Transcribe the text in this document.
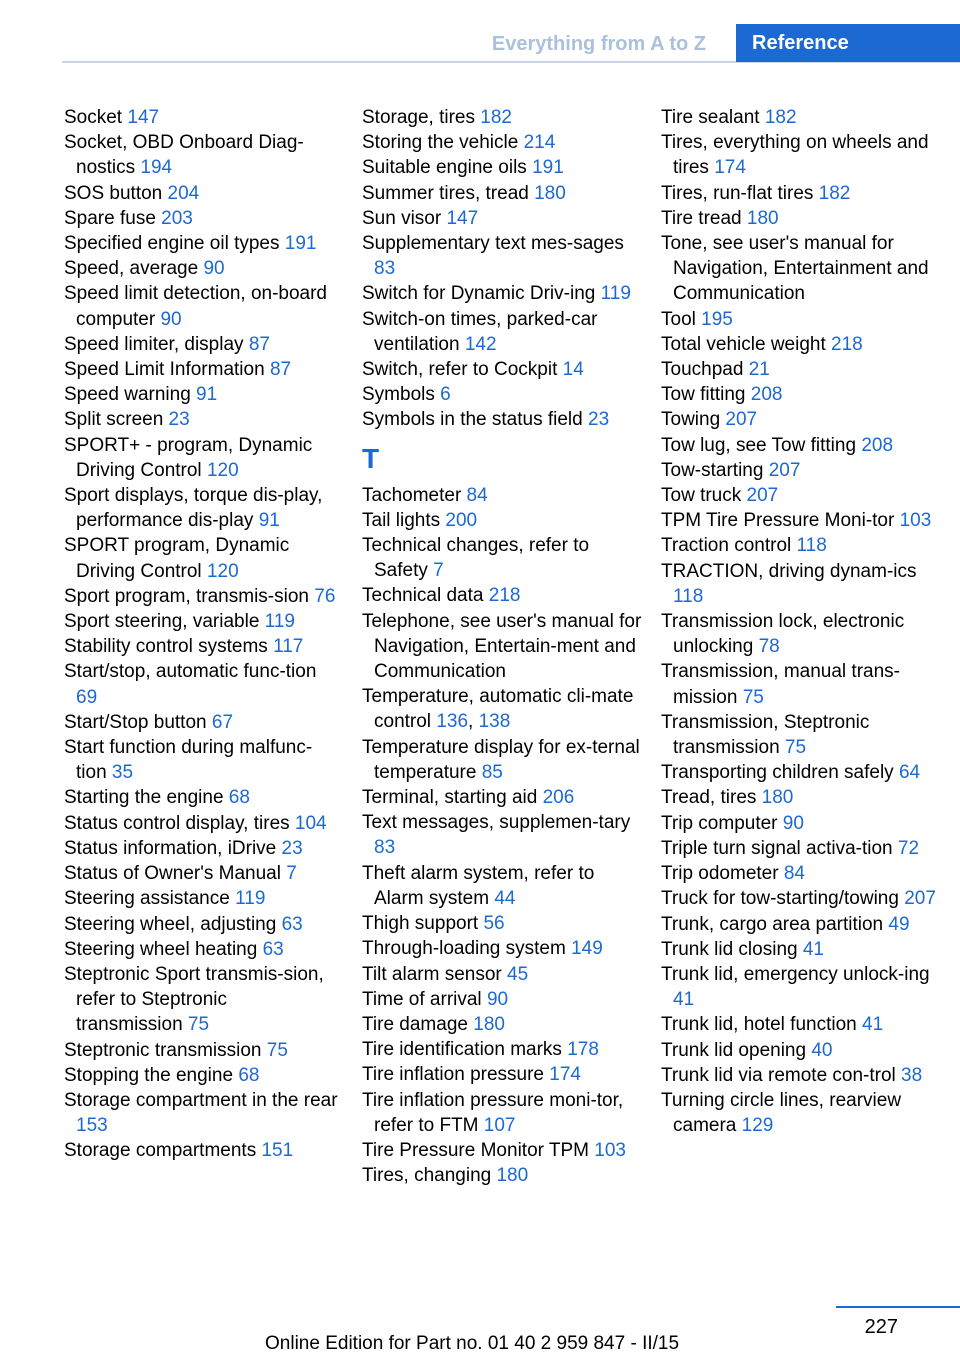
Everything from A to Z	Reference
Socket 147
Socket, OBD Onboard Diag‐nostics 194
SOS button 204
Spare fuse 203
Specified engine oil types 191
Speed, average 90
Speed limit detection, on‐board computer 90
Speed limiter, display 87
Speed Limit Information 87
Speed warning 91
Split screen 23
SPORT+ - program, Dynamic Driving Control 120
Sport displays, torque dis‐play, performance dis‐play 91
SPORT program, Dynamic Driving Control 120
Sport program, transmis‐sion 76
Sport steering, variable 119
Stability control systems 117
Start/stop, automatic func‐tion 69
Start/Stop button 67
Start function during malfunc‐tion 35
Starting the engine 68
Status control display, tires 104
Status information, iDrive 23
Status of Owner's Manual 7
Steering assistance 119
Steering wheel, adjusting 63
Steering wheel heating 63
Steptronic Sport transmis‐sion, refer to Steptronic transmission 75
Steptronic transmission 75
Stopping the engine 68
Storage compartment in the rear 153
Storage compartments 151
Storage, tires 182
Storing the vehicle 214
Suitable engine oils 191
Summer tires, tread 180
Sun visor 147
Supplementary text mes‐sages 83
Switch for Dynamic Driv‐ing 119
Switch-on times, parked-car ventilation 142
Switch, refer to Cockpit 14
Symbols 6
Symbols in the status field 23
T
Tachometer 84
Tail lights 200
Technical changes, refer to Safety 7
Technical data 218
Telephone, see user's manual for Navigation, Entertain‐ment and Communication
Temperature, automatic cli‐mate control 136, 138
Temperature display for ex‐ternal temperature 85
Terminal, starting aid 206
Text messages, supplemen‐tary 83
Theft alarm system, refer to Alarm system 44
Thigh support 56
Through-loading system 149
Tilt alarm sensor 45
Time of arrival 90
Tire damage 180
Tire identification marks 178
Tire inflation pressure 174
Tire inflation pressure moni‐tor, refer to FTM 107
Tire Pressure Monitor TPM 103
Tires, changing 180
Tire sealant 182
Tires, everything on wheels and tires 174
Tires, run-flat tires 182
Tire tread 180
Tone, see user's manual for Navigation, Entertainment and Communication
Tool 195
Total vehicle weight 218
Touchpad 21
Tow fitting 208
Towing 207
Tow lug, see Tow fitting 208
Tow-starting 207
Tow truck 207
TPM Tire Pressure Moni‐tor 103
Traction control 118
TRACTION, driving dynam‐ics 118
Transmission lock, electronic unlocking 78
Transmission, manual trans‐mission 75
Transmission, Steptronic transmission 75
Transporting children safely 64
Tread, tires 180
Trip computer 90
Triple turn signal activa‐tion 72
Trip odometer 84
Truck for tow-starting/towing 207
Trunk, cargo area partition 49
Trunk lid closing 41
Trunk lid, emergency unlock‐ing 41
Trunk lid, hotel function 41
Trunk lid opening 40
Trunk lid via remote con‐trol 38
Turning circle lines, rearview camera 129
227
Online Edition for Part no. 01 40 2 959 847 - II/15
